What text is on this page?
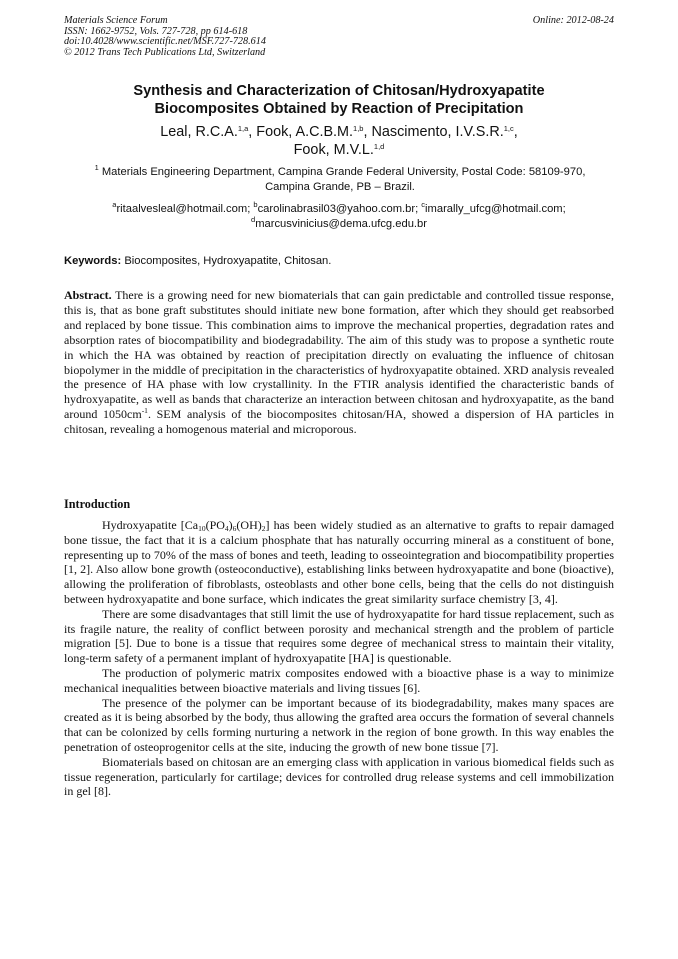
Materials Science Forum
ISSN: 1662-9752, Vols. 727-728, pp 614-618
doi:10.4028/www.scientific.net/MSF.727-728.614
© 2012 Trans Tech Publications Ltd, Switzerland
Online: 2012-08-24
Synthesis and Characterization of Chitosan/Hydroxyapatite
Biocomposites Obtained by Reaction of Precipitation
Leal, R.C.A.$^{1,a}$, Fook, A.C.B.M.$^{1,b}$, Nascimento, I.V.S.R.$^{1,c}$,
Fook, M.V.L.$^{1,d}$
$^1$ Materials Engineering Department, Campina Grande Federal University, Postal Code: 58109-970, Campina Grande, PB – Brazil.
$^a$ritaalvesleal@hotmail.com; $^b$carolinabrasil03@yahoo.com.br; $^c$imarally_ufcg@hotmail.com;
$^d$marcusvinicius@dema.ufcg.edu.br
Keywords: Biocomposites, Hydroxyapatite, Chitosan.
Abstract. There is a growing need for new biomaterials that can gain predictable and controlled tissue response, this is, that as bone graft substitutes should initiate new bone formation, after which they should get reabsorbed and replaced by bone tissue. This combination aims to improve the mechanical properties, degradation rates and absorption rates of biocompatibility and biodegradability. The aim of this study was to propose a synthetic route in which the HA was obtained by reaction of precipitation directly on evaluating the influence of chitosan biopolymer in the middle of precipitation in the characteristics of hydroxyapatite obtained. XRD analysis revealed the presence of HA phase with low crystallinity. In the FTIR analysis identified the characteristic bands of hydroxyapatite, as well as bands that characterize an interaction between chitosan and hydroxyapatite, as the band around $1050cm^{-1}$. SEM analysis of the biocomposites chitosan/HA, showed a dispersion of HA particles in chitosan, revealing a homogenous material and microporous.
Introduction

Hydroxyapatite $[Ca_{10}(PO_4)_6(OH)_2]$ has been widely studied as an alternative to grafts to repair damaged bone tissue, the fact that it is a calcium phosphate that has naturally occurring mineral as a constituent of bone, representing up to 70% of the mass of bones and teeth, leading to osseointegration and biocompatibility properties [1, 2]. Also allow bone growth (osteoconductive), establishing links between hydroxyapatite and bone (bioactive), allowing the proliferation of fibroblasts, osteoblasts and other bone cells, being that the cells do not distinguish between hydroxyapatite and bone surface, which indicates the great similarity surface chemistry [3, 4].

There are some disadvantages that still limit the use of hydroxyapatite for hard tissue replacement, such as its fragile nature, the reality of conflict between porosity and mechanical strength and the problem of particle migration [5]. Due to bone is a tissue that requires some degree of mechanical stress to maintain their vitality, long-term safety of a permanent implant of hydroxyapatite [HA] is questionable.

The production of polymeric matrix composites endowed with a bioactive phase is a way to minimize mechanical inequalities between bioactive materials and living tissues [6].

The presence of the polymer can be important because of its biodegradability, makes many spaces are created as it is being absorbed by the body, thus allowing the grafted area occurs the formation of several channels that can be colonized by cells forming nurturing a network in the region of bone growth. In this way enables the penetration of osteoprogenitor cells at the site, inducing the growth of new bone tissue [7].

Biomaterials based on chitosan are an emerging class with application in various biomedical fields such as tissue regeneration, particularly for cartilage; devices for controlled drug release systems and cell immobilization in gel [8].
